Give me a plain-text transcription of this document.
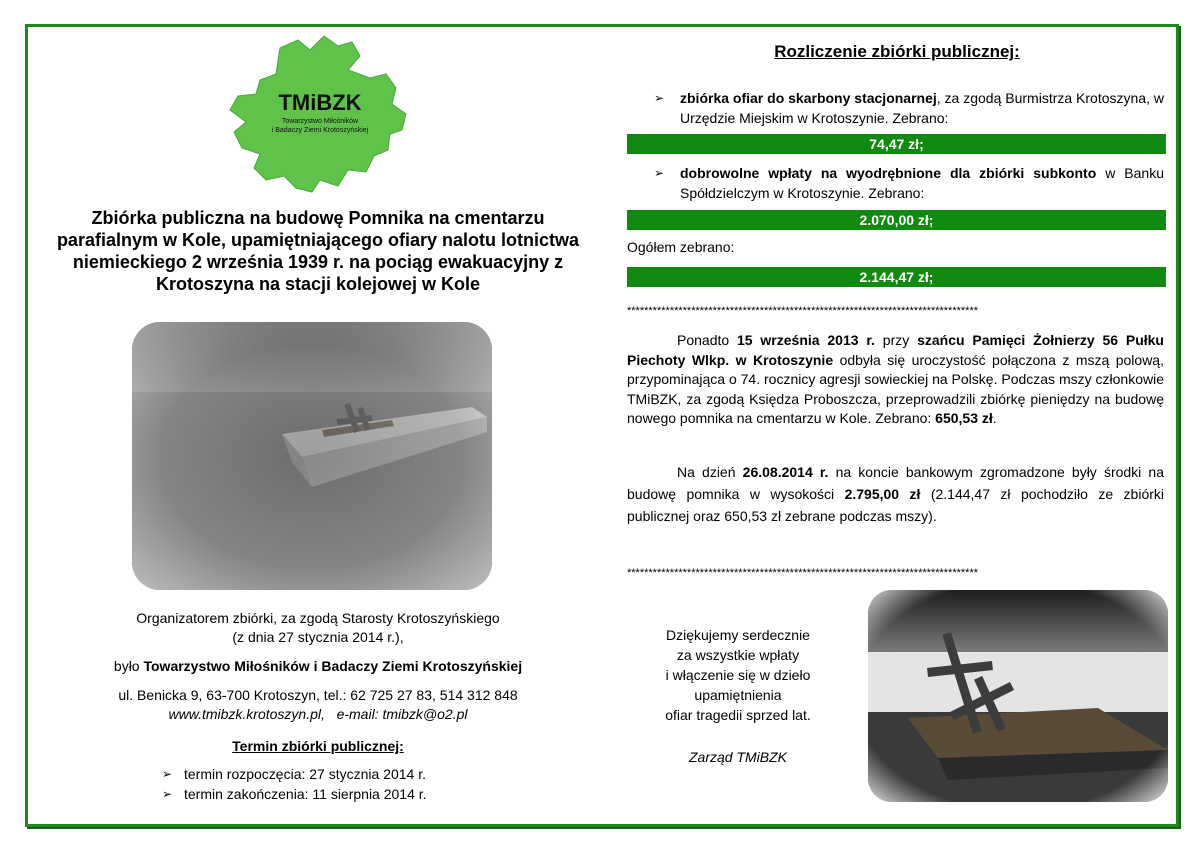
TMiBZK
Towarzystwo Miłośników
i Badaczy Ziemi Krotoszyńskiej
Zbiórka publiczna na budowę Pomnika na cmentarzu parafialnym w Kole, upamiętniającego ofiary nalotu lotnictwa niemieckiego 2 września 1939 r. na pociąg ewakuacyjny z Krotoszyna na stacji kolejowej w Kole

Organizatorem zbiórki, za zgodą Starosty Krotoszyńskiego

(z dnia 27 stycznia 2014 r.),

było Towarzystwo Miłośników i Badaczy Ziemi Krotoszyńskiej

ul. Benicka 9, 63-700 Krotoszyn, tel.: 62 725 27 83, 514 312 848

www.tmibzk.krotoszyn.pl, e-mail: tmibzk@o2.pl

Termin zbiórki publicznej:
➢ termin rozpoczęcia: 27 stycznia 2014 r.
➢ termin zakończenia: 11 sierpnia 2014 r.
Rozliczenie zbiórki publicznej:
➢ zbiórka ofiar do skarbony stacjonarnej, za zgodą Burmistrza Krotoszyna, w Urzędzie Miejskim w Krotoszynie. Zebrano:
74,47 zł;
➢ dobrowolne wpłaty na wyodrębnione dla zbiórki subkonto w Banku Spółdzielczym w Krotoszynie. Zebrano:
2.070,00 zł;
Ogółem zebrano:
2.144,47 zł;
**********************************************************************************
Ponadto 15 września 2013 r. przy szańcu Pamięci Żołnierzy 56 Pułku Piechoty Wlkp. w Krotoszynie odbyła się uroczystość połączona z mszą polową, przypominająca o 74. rocznicy agresji sowieckiej na Polskę. Podczas mszy członkowie TMiBZK, za zgodą Księdza Proboszcza, przeprowadzili zbiórkę pieniędzy na budowę nowego pomnika na cmentarzu w Kole. Zebrano: 650,53 zł.
Na dzień 26.08.2014 r. na koncie bankowym zgromadzone były środki na budowę pomnika w wysokości 2.795,00 zł (2.144,47 zł pochodziło ze zbiórki publicznej oraz 650,53 zł zebrane podczas mszy).
**********************************************************************************
Dziękujemy serdecznie
za wszystkie wpłaty
i włączenie się w dzieło
upamiętnienia
ofiar tragedii sprzed lat.
Zarząd TMiBZK
